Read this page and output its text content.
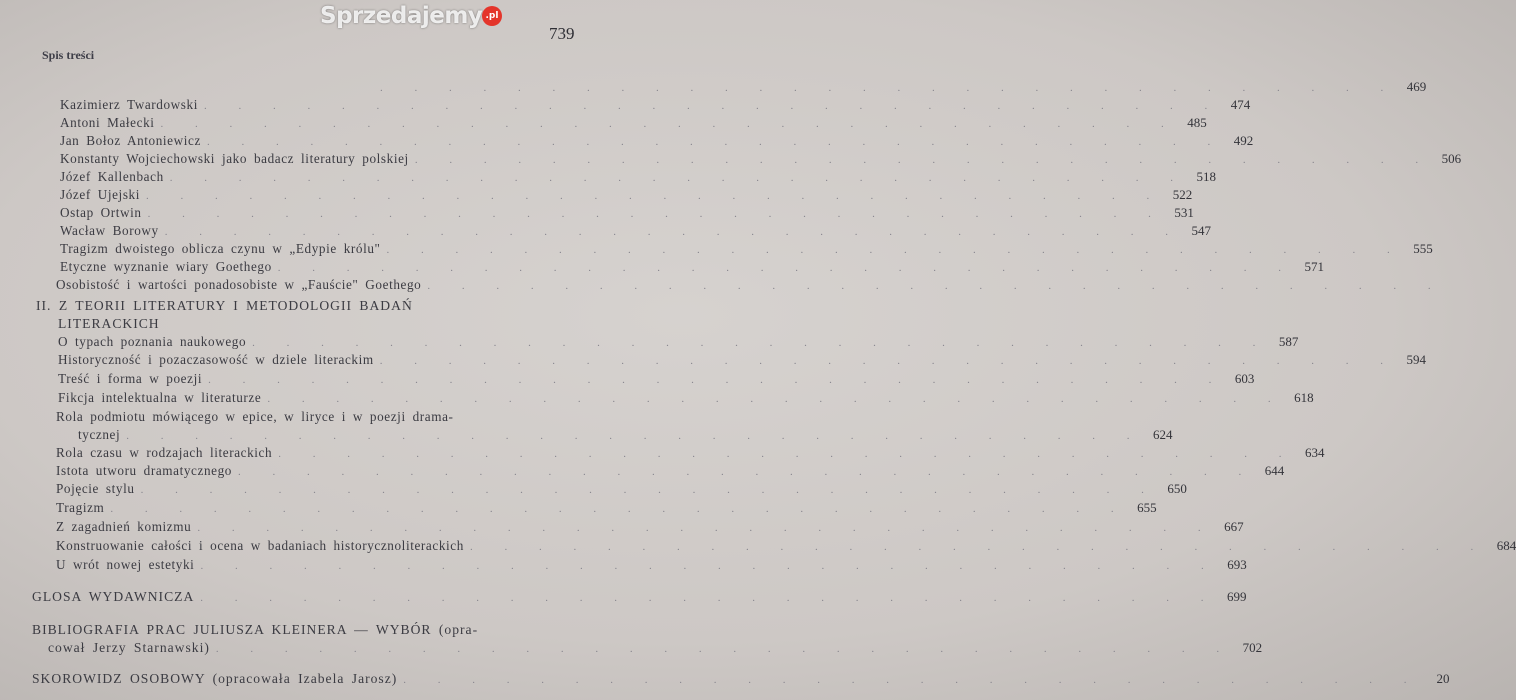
739
Spis treści
. . . . . . . . . . . . . . . . . . . . . . . . . . . . . . 469
Kazimierz Twardowski . . . . . . . . . . . . . . . . . . . . . . . . . . . . . . 474
Antoni Małecki . . . . . . . . . . . . . . . . . . . . . . . . . . . . . . 485
Jan Bołoz Antoniewicz . . . . . . . . . . . . . . . . . . . . . . . . . . . . . . 492
Konstanty Wojciechowski jako badacz literatury polskiej . . . . . . . . . . . . . . . . . . . . . . . . . . . . . . 506
Józef Kallenbach . . . . . . . . . . . . . . . . . . . . . . . . . . . . . . 518
Józef Ujejski . . . . . . . . . . . . . . . . . . . . . . . . . . . . . . 522
Ostap Ortwin . . . . . . . . . . . . . . . . . . . . . . . . . . . . . . 531
Wacław Borowy . . . . . . . . . . . . . . . . . . . . . . . . . . . . . . 547
Tragizm dwoistego oblicza czynu w „Edypie królu" . . . . . . . . . . . . . . . . . . . . . . . . . . . . . . 555
Etyczne wyznanie wiary Goethego . . . . . . . . . . . . . . . . . . . . . . . . . . . . . . 571
Osobistość i wartości ponadosobiste w „Fauście" Goethego . . . . . . . . . . . . . . . . . . . . . . . . . . . . . .
O typach poznania naukowego . . . . . . . . . . . . . . . . . . . . . . . . . . . . . . 587
Historyczność i pozaczasowość w dziele literackim . . . . . . . . . . . . . . . . . . . . . . . . . . . . . . 594
Treść i forma w poezji . . . . . . . . . . . . . . . . . . . . . . . . . . . . . . 603
Fikcja intelektualna w literaturze . . . . . . . . . . . . . . . . . . . . . . . . . . . . . . 618
Rola podmiotu mówiącego w epice, w liryce i w poezji drama-
tycznej . . . . . . . . . . . . . . . . . . . . . . . . . . . . . . 624
Rola czasu w rodzajach literackich . . . . . . . . . . . . . . . . . . . . . . . . . . . . . . 634
Istota utworu dramatycznego . . . . . . . . . . . . . . . . . . . . . . . . . . . . . . 644
Pojęcie stylu . . . . . . . . . . . . . . . . . . . . . . . . . . . . . . 650
Tragizm . . . . . . . . . . . . . . . . . . . . . . . . . . . . . . 655
Z zagadnień komizmu . . . . . . . . . . . . . . . . . . . . . . . . . . . . . . 667
Konstruowanie całości i ocena w badaniach historycznoliterackich . . . . . . . . . . . . . . . . . . . . . . . . . . . . . . 684
U wrót nowej estetyki . . . . . . . . . . . . . . . . . . . . . . . . . . . . . . 693
GLOSA WYDAWNICZA . . . . . . . . . . . . . . . . . . . . . . . . . . . . . . 699
BIBLIOGRAFIA PRAC JULIUSZA KLEINERA — WYBÓR (opra-
cował Jerzy Starnawski) . . . . . . . . . . . . . . . . . . . . . . . . . . . . . . 702
SKOROWIDZ OSOBOWY (opracowała Izabela Jarosz) . . . . . . . . . . . . . . . . . . . . . . . . . . . . . .	20
II. Z TEORII LITERATURY I METODOLOGII BADAŃ
LITERACKICH
Sprzedajemy .pl
